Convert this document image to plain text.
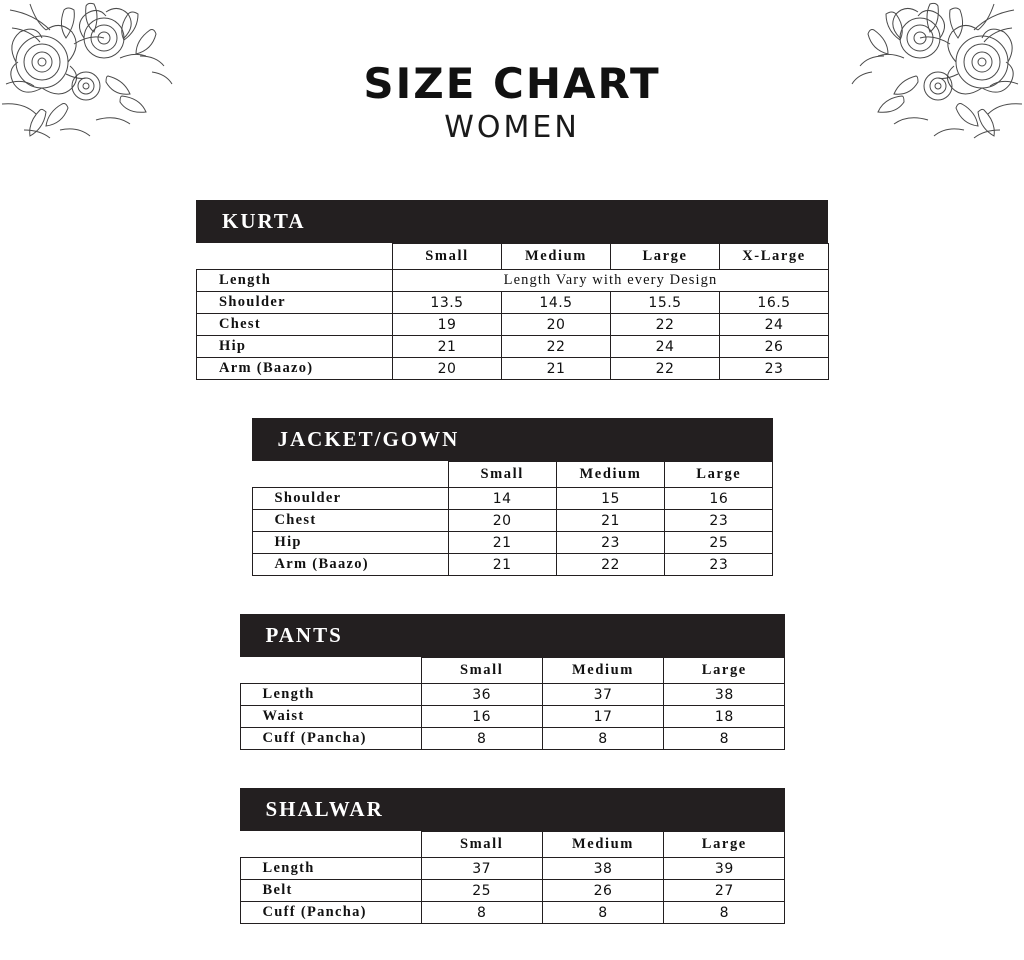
SIZE CHART
WOMEN
KURTA
	Small	Medium	Large	X-Large
Length	Length Vary with every Design			
Shoulder	13.5	14.5	15.5	16.5
Chest	19	20	22	24
Hip	21	22	24	26
Arm (Baazo)	20	21	22	23
JACKET/GOWN
	Small	Medium	Large
Shoulder	14	15	16
Chest	20	21	23
Hip	21	23	25
Arm (Baazo)	21	22	23
PANTS
	Small	Medium	Large
Length	36	37	38
Waist	16	17	18
Cuff (Pancha)	8	8	8
SHALWAR
	Small	Medium	Large
Length	37	38	39
Belt	25	26	27
Cuff (Pancha)	8	8	8
